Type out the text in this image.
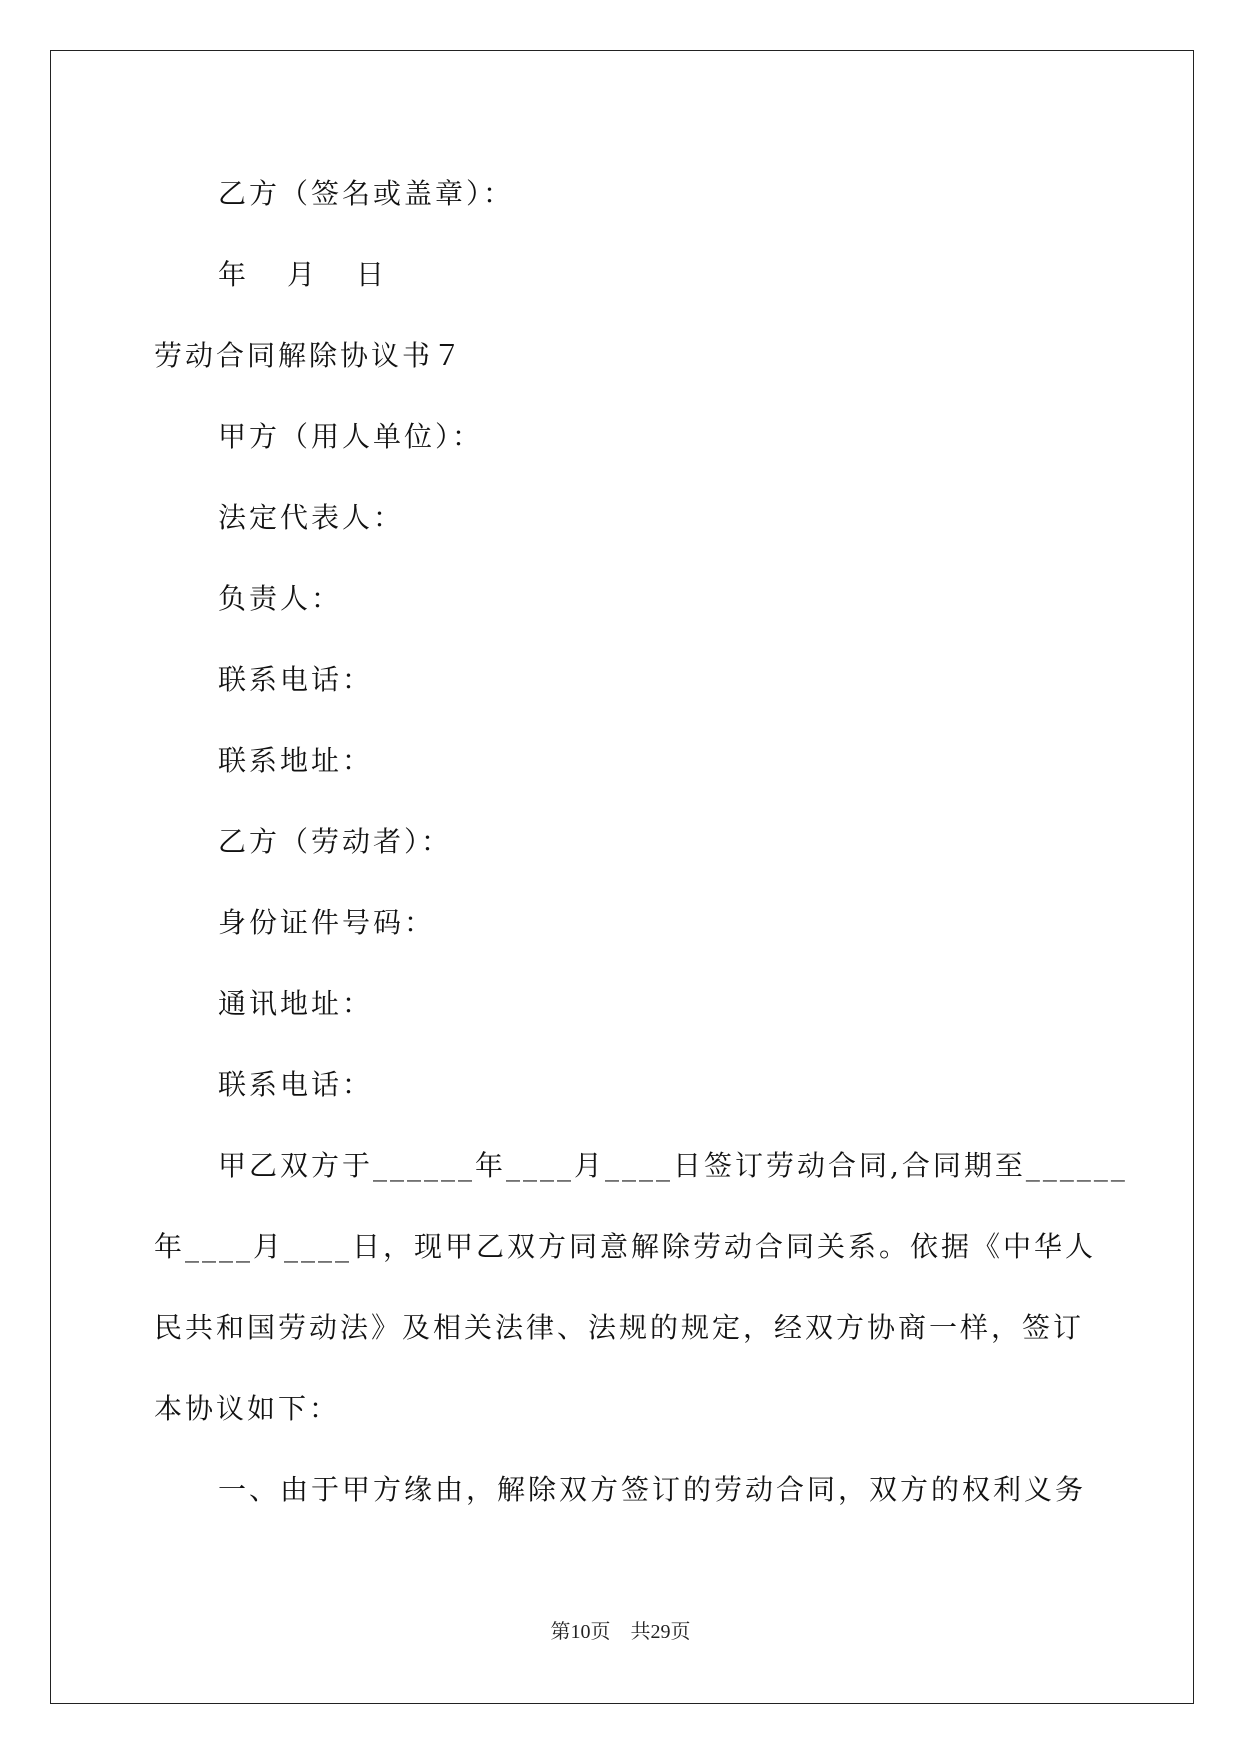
乙方（签名或盖章）：
年 月 日
劳动合同解除协议书７
甲方（用人单位）：
法定代表人：
负责人：
联系电话：
联系地址：
乙方（劳动者）：
身份证件号码：
通讯地址：
联系电话：
甲乙双方于______年____月____日签订劳动合同,合同期至______
年____月____日，现甲乙双方同意解除劳动合同关系。依据《中华人
民共和国劳动法》及相关法律、法规的规定，经双方协商一样，签订
本协议如下：
一、由于甲方缘由，解除双方签订的劳动合同，双方的权利义务
第10页 共29页
